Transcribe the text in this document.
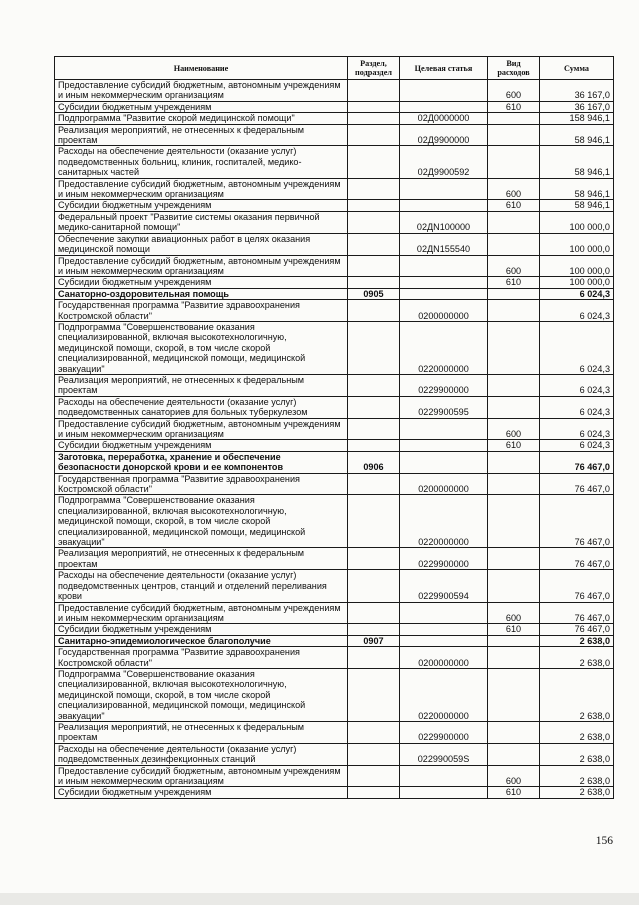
Наименование	Раздел, подраздел	Целевая статья	Вид расходов	Сумма
Предоставление субсидий бюджетным, автономным учреждениям и иным некоммерческим организациям			600	36 167,0
Субсидии бюджетным учреждениям			610	36 167,0
Подпрограмма "Развитие скорой медицинской помощи"		02Д0000000		158 946,1
Реализация мероприятий, не отнесенных к федеральным проектам		02Д9900000		58 946,1
Расходы на обеспечение деятельности (оказание услуг) подведомственных больниц, клиник, госпиталей, медико-санитарных частей		02Д9900592		58 946,1
Предоставление субсидий бюджетным, автономным учреждениям и иным некоммерческим организациям			600	58 946,1
Субсидии бюджетным учреждениям			610	58 946,1
Федеральный проект "Развитие системы оказания первичной медико-санитарной помощи"		02ДN100000		100 000,0
Обеспечение закупки авиационных работ в целях оказания медицинской помощи		02ДN155540		100 000,0
Предоставление субсидий бюджетным, автономным учреждениям и иным некоммерческим организациям			600	100 000,0
Субсидии бюджетным учреждениям			610	100 000,0
Санаторно-оздоровительная помощь	0905			6 024,3
Государственная программа "Развитие здравоохранения Костромской области"		0200000000		6 024,3
Подпрограмма "Совершенствование оказания специализированной, включая высокотехнологичную, медицинской помощи, скорой, в том числе скорой специализированной, медицинской помощи, медицинской эвакуации"		0220000000		6 024,3
Реализация мероприятий, не отнесенных к федеральным проектам		0229900000		6 024,3
Расходы на обеспечение деятельности (оказание услуг) подведомственных санаториев для больных туберкулезом		0229900595		6 024,3
Предоставление субсидий бюджетным, автономным учреждениям и иным некоммерческим организациям			600	6 024,3
Субсидии бюджетным учреждениям			610	6 024,3
Заготовка, переработка, хранение и обеспечение безопасности донорской крови и ее компонентов	0906			76 467,0
Государственная программа "Развитие здравоохранения Костромской области"		0200000000		76 467,0
Подпрограмма "Совершенствование оказания специализированной, включая высокотехнологичную, медицинской помощи, скорой, в том числе скорой специализированной, медицинской помощи, медицинской эвакуации"		0220000000		76 467,0
Реализация мероприятий, не отнесенных к федеральным проектам		0229900000		76 467,0
Расходы на обеспечение деятельности (оказание услуг) подведомственных центров, станций и отделений переливания крови		0229900594		76 467,0
Предоставление субсидий бюджетным, автономным учреждениям и иным некоммерческим организациям			600	76 467,0
Субсидии бюджетным учреждениям			610	76 467,0
Санитарно-эпидемиологическое благополучие	0907			2 638,0
Государственная программа "Развитие здравоохранения Костромской области"		0200000000		2 638,0
Подпрограмма "Совершенствование оказания специализированной, включая высокотехнологичную, медицинской помощи, скорой, в том числе скорой специализированной, медицинской помощи, медицинской эвакуации"		0220000000		2 638,0
Реализация мероприятий, не отнесенных к федеральным проектам		0229900000		2 638,0
Расходы на обеспечение деятельности (оказание услуг) подведомственных дезинфекционных станций		022990059S		2 638,0
Предоставление субсидий бюджетным, автономным учреждениям и иным некоммерческим организациям			600	2 638,0
Субсидии бюджетным учреждениям			610	2 638,0
156
